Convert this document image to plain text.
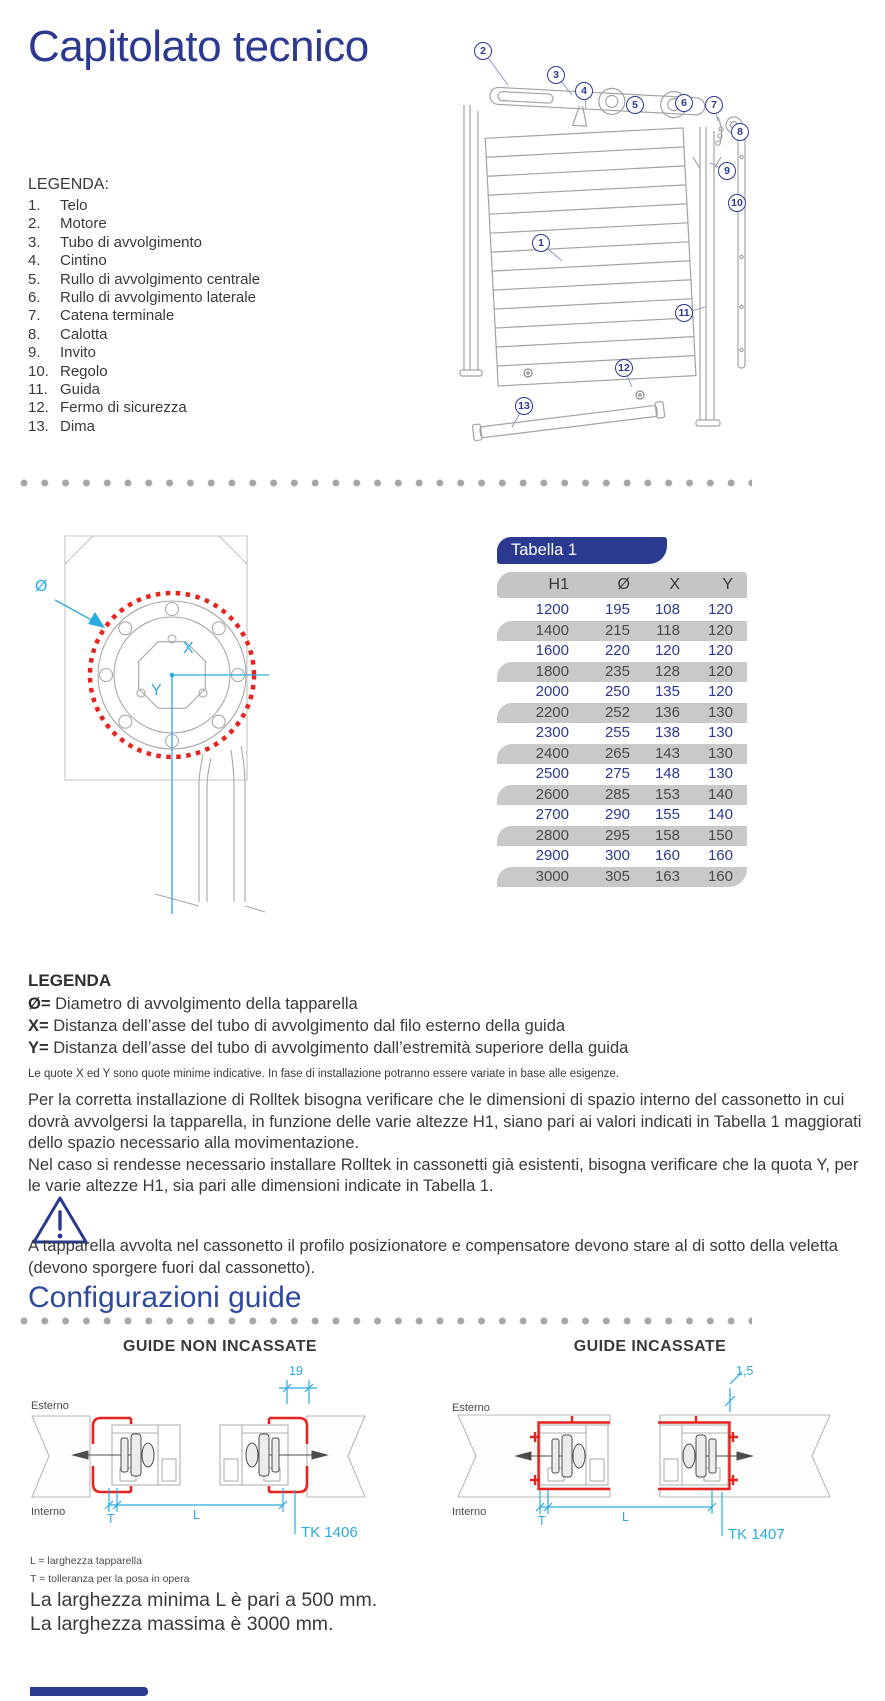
Capitolato tecnico
1
2
3
4
5	6	7
8
9
10
11
12
13
LEGENDA:
1.	Telo
2.	Motore
3.	Tubo di avvolgimento
4.	Cintino
5.	Rullo di avvolgimento centrale
6.	Rullo di avvolgimento laterale
7.	Catena terminale
8.	Calotta
9.	Invito
10. Regolo
11. Guida
12. Fermo di sicurezza
13. Dima
Ø
X
Y
Tabella 1
H1	Ø	X	Y
1200	195	108	120
1400	215	118	120
1600	220	120	120
1800	235	128	120
2000	250	135	120
2200	252	136	130
2300	255	138	130
2400	265	143	130
2500	275	148	130
2600	285	153	140
2700	290	155	140
2800	295	158	150
2900	300	160	160
3000	305	163	160
LEGENDA
Ø= Diametro di avvolgimento della tapparella
X= Distanza dell’asse del tubo di avvolgimento dal filo esterno della guida
Y= Distanza dell’asse del tubo di avvolgimento dall’estremità superiore della guida
Le quote X ed Y sono quote minime indicative. In fase di installazione potranno essere variate in base alle esigenze.
Per la corretta installazione di Rolltek bisogna verificare che le dimensioni di spazio interno del cassonetto in cui dovrà avvolgersi la tapparella, in funzione delle varie altezze H1, siano pari ai valori indicati in Tabella 1 maggiorati dello spazio necessario alla movimentazione.
Nel caso si rendesse necessario installare Rolltek in cassonetti già esistenti, bisogna verificare che la quota Y, per le varie altezze H1, sia pari alle dimensioni indicate in Tabella 1.
A tapparella avvolta nel cassonetto il profilo posizionatore e compensatore devono stare al di sotto della veletta (devono sporgere fuori dal cassonetto).
Configurazioni guide
GUIDE NON INCASSATE	GUIDE INCASSATE
Esterno
Interno
19
T	L
TK 1406
Esterno
Interno
1,5
T	L
TK 1407
L = larghezza tapparella
T = tolleranza per la posa in opera
La larghezza minima L è pari a 500 mm.
La larghezza massima è 3000 mm.
